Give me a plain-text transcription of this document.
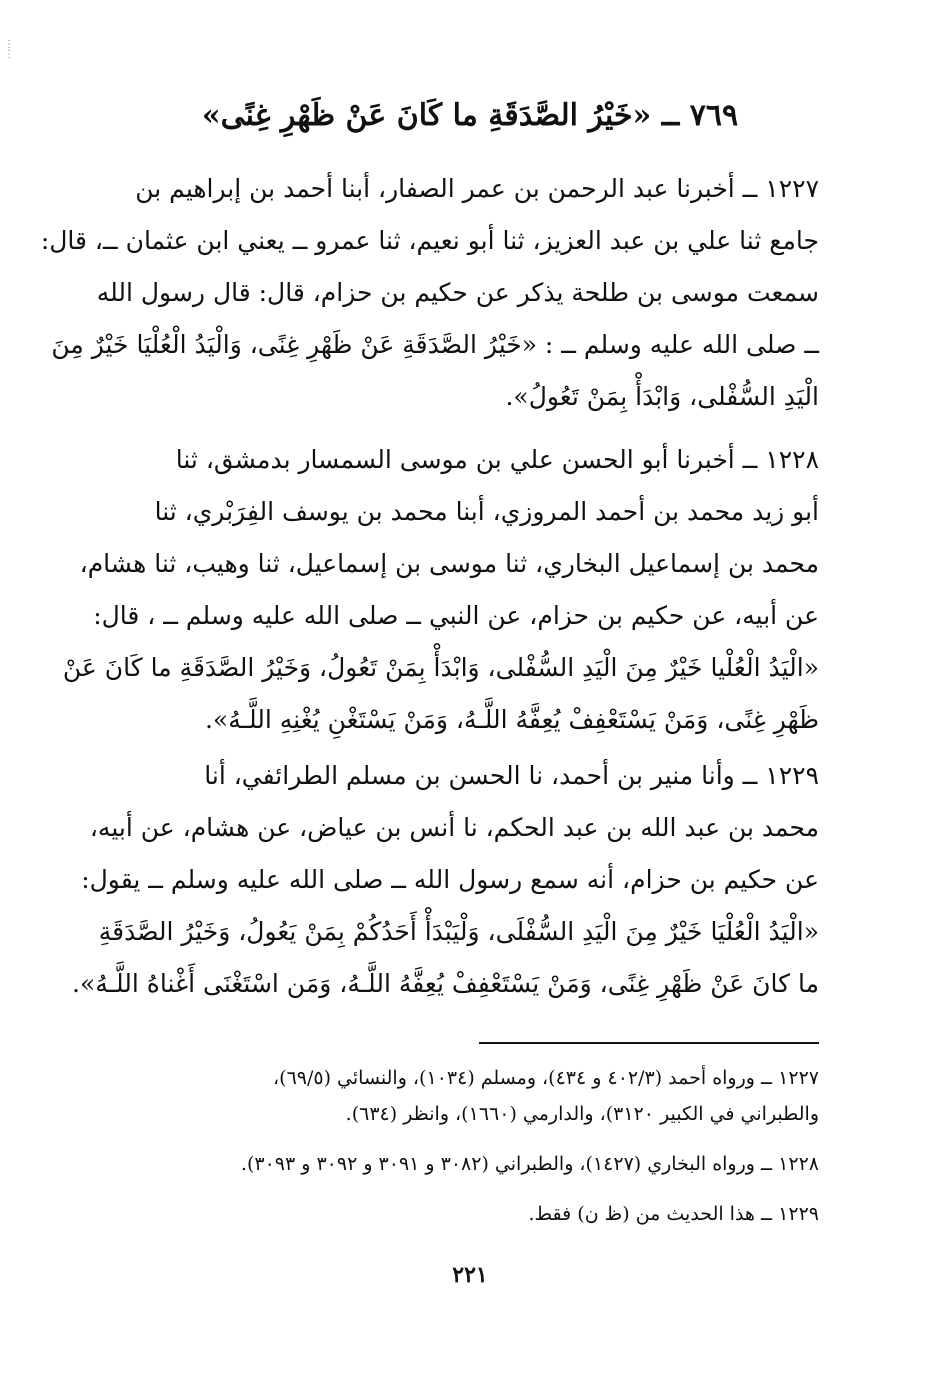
⋮
⋮
٧٦٩ ــ «خَيْرُ الصَّدَقَةِ ما كَانَ عَنْ ظَهْرِ غِنًى»
١٢٢٧ ــ أخبرنا عبد الرحمن بن عمر الصفار، أبنا أحمد بن إبراهيم بن
جامع ثنا علي بن عبد العزيز، ثنا أبو نعيم، ثنا عمرو ــ يعني ابن عثمان ــ، قال:
سمعت موسى بن طلحة يذكر عن حكيم بن حزام، قال: قال رسول الله
ــ صلى الله عليه وسلم ــ : «خَيْرُ الصَّدَقَةِ عَنْ ظَهْرِ غِنًى، وَالْيَدُ الْعُلْيَا خَيْرٌ مِنَ
الْيَدِ السُّفْلى، وَابْدَأْ بِمَنْ تَعُولُ».
١٢٢٨ ــ أخبرنا أبو الحسن علي بن موسى السمسار بدمشق، ثنا
أبو زيد محمد بن أحمد المروزي، أبنا محمد بن يوسف الفِرَبْري، ثنا
محمد بن إسماعيل البخاري، ثنا موسى بن إسماعيل، ثنا وهيب، ثنا هشام،
عن أبيه، عن حكيم بن حزام، عن النبي ــ صلى الله عليه وسلم ــ ، قال:
«الْيَدُ الْعُلْيا خَيْرٌ مِنَ الْيَدِ السُّفْلى، وَابْدَأْ بِمَنْ تَعُولُ، وَخَيْرُ الصَّدَقَةِ ما كَانَ عَنْ
ظَهْرِ غِنًى، وَمَنْ يَسْتَعْفِفْ يُعِفَّهُ اللَّـهُ، وَمَنْ يَسْتَغْنِ يُغْنِهِ اللَّـهُ».
١٢٢٩ ــ وأنا منير بن أحمد، نا الحسن بن مسلم الطرائفي، أنا
محمد بن عبد الله بن عبد الحكم، نا أنس بن عياض، عن هشام، عن أبيه،
عن حكيم بن حزام، أنه سمع رسول الله ــ صلى الله عليه وسلم ــ يقول:
«الْيَدُ الْعُلْيَا خَيْرٌ مِنَ الْيَدِ السُّفْلَى، وَلْيَبْدَأْ أَحَدُكُمْ بِمَنْ يَعُولُ، وَخَيْرُ الصَّدَقَةِ
ما كانَ عَنْ ظَهْرِ غِنًى، وَمَنْ يَسْتَعْفِفْ يُعِفَّهُ اللَّـهُ، وَمَن اسْتَغْنَى أَغْناهُ اللَّـهُ».
١٢٢٧ ــ ورواه أحمد (٤٠٢/٣ و ٤٣٤)، ومسلم (١٠٣٤)، والنسائي (٦٩/٥)،
والطبراني في الكبير ٣١٢٠)، والدارمي (١٦٦٠)، وانظر (٦٣٤).
١٢٢٨ ــ ورواه البخاري (١٤٢٧)، والطبراني (٣٠٨٢ و ٣٠٩١ و ٣٠٩٢ و ٣٠٩٣).
١٢٢٩ ــ هذا الحديث من (ظ ن) فقط.
٢٢١
